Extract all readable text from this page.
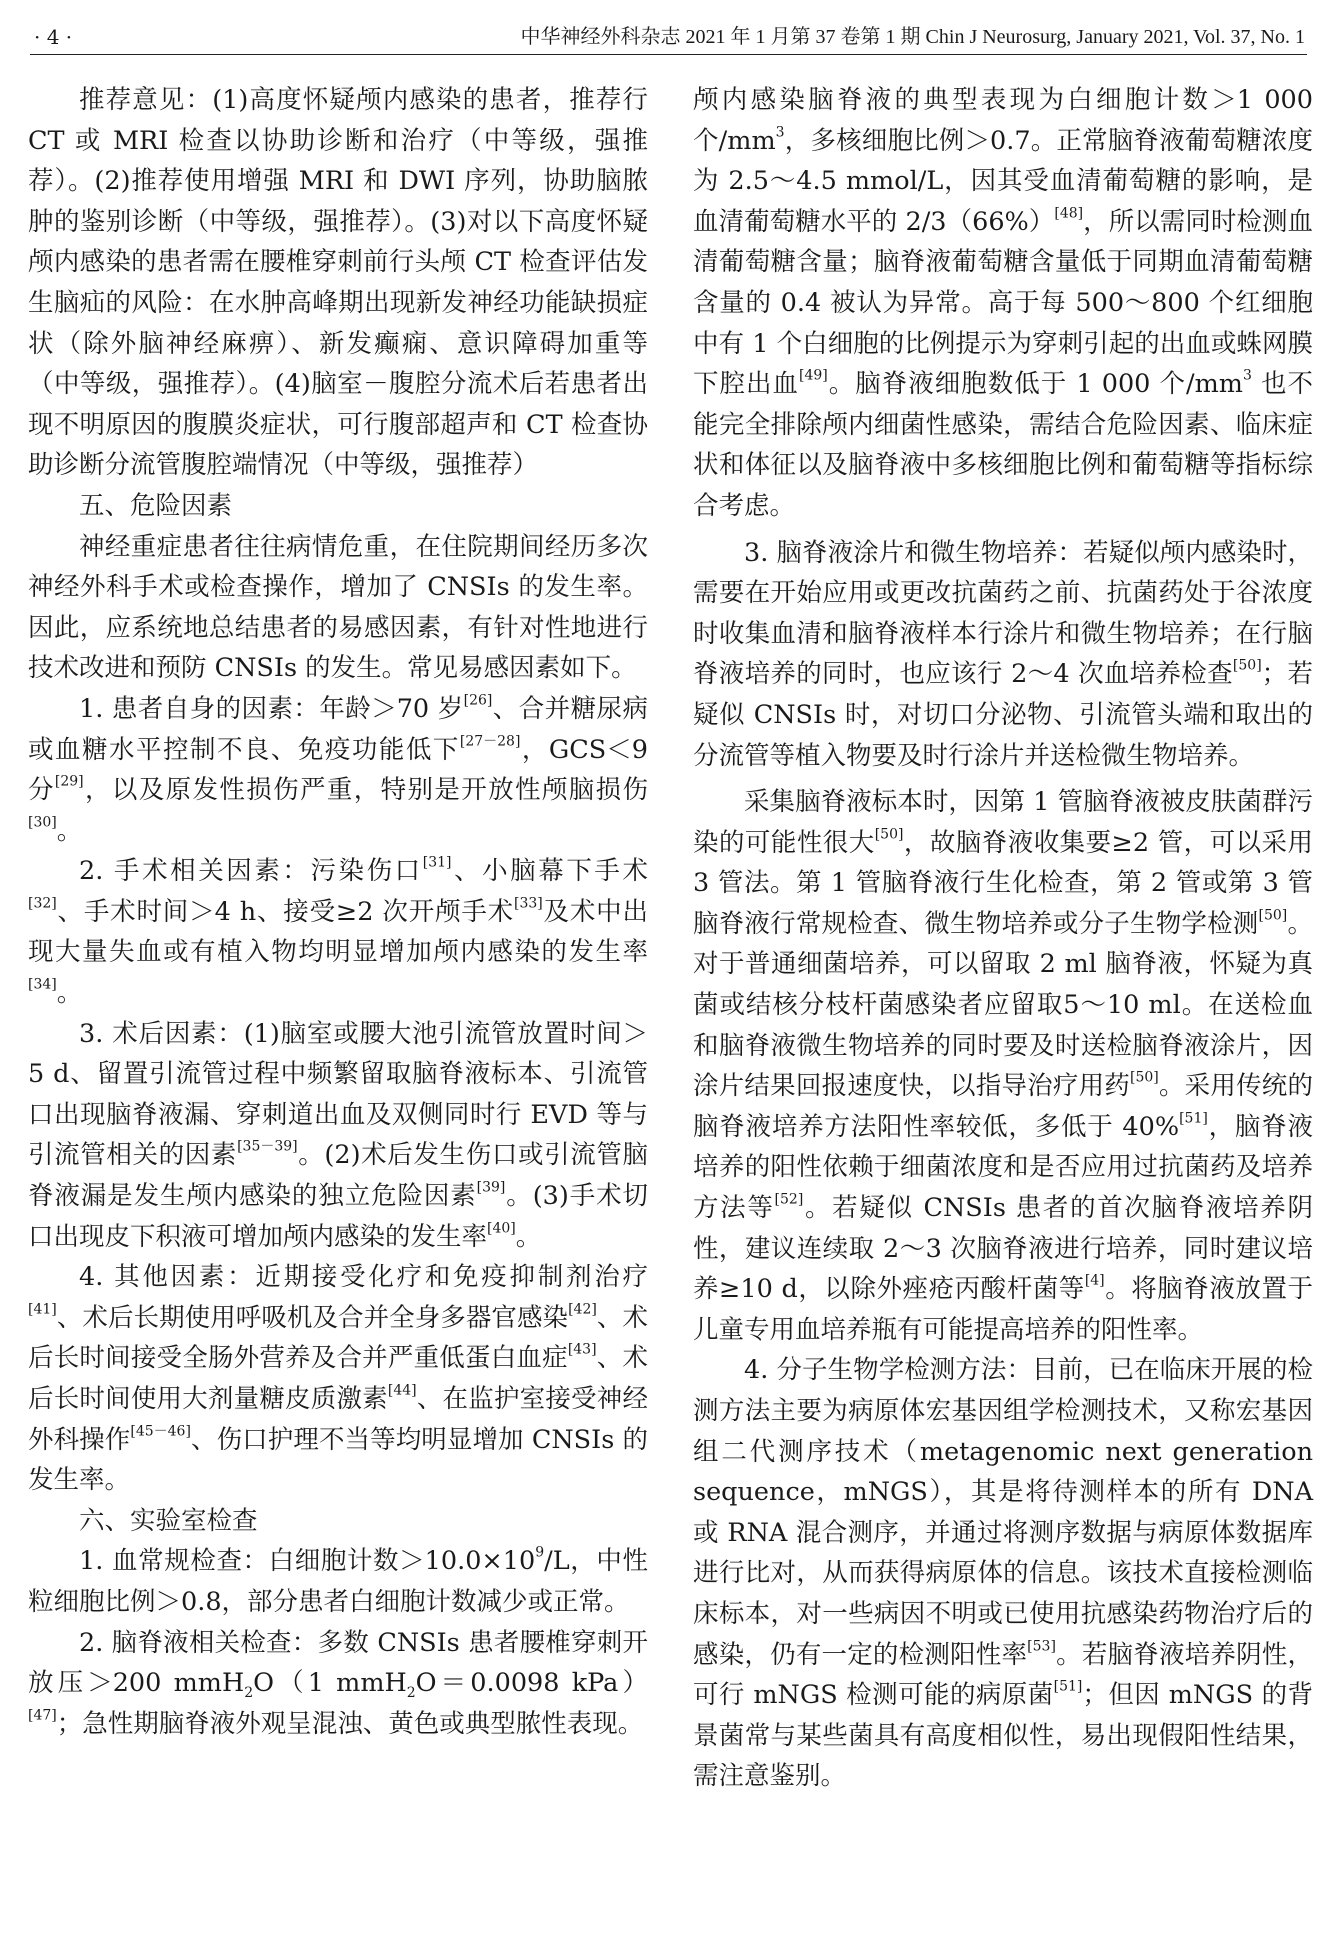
· 4 ·	中华神经外科杂志 2021 年 1 月第 37 卷第 1 期 Chin J Neurosurg, January 2021, Vol. 37, No. 1

推荐意见：(1)高度怀疑颅内感染的患者，推荐行 CT 或 MRI 检查以协助诊断和治疗（中等级，强推荐）。(2)推荐使用增强 MRI 和 DWI 序列，协助脑脓肿的鉴别诊断（中等级，强推荐）。(3)对以下高度怀疑颅内感染的患者需在腰椎穿刺前行头颅 CT 检查评估发生脑疝的风险：在水肿高峰期出现新发神经功能缺损症状（除外脑神经麻痹）、新发癫痫、意识障碍加重等（中等级，强推荐）。(4)脑室－腹腔分流术后若患者出现不明原因的腹膜炎症状，可行腹部超声和 CT 检查协助诊断分流管腹腔端情况（中等级，强推荐）

五、危险因素

神经重症患者往往病情危重，在住院期间经历多次神经外科手术或检查操作，增加了 CNSIs 的发生率。因此，应系统地总结患者的易感因素，有针对性地进行技术改进和预防 CNSIs 的发生。常见易感因素如下。

1. 患者自身的因素：年龄＞70 岁[26]、合并糖尿病或血糖水平控制不良、免疫功能低下[27－28]，GCS＜9 分[29]，以及原发性损伤严重，特别是开放性颅脑损伤[30]。

2. 手术相关因素：污染伤口[31]、小脑幕下手术[32]、手术时间＞4 h、接受≥2 次开颅手术[33]及术中出现大量失血或有植入物均明显增加颅内感染的发生率[34]。

3. 术后因素：(1)脑室或腰大池引流管放置时间＞5 d、留置引流管过程中频繁留取脑脊液标本、引流管口出现脑脊液漏、穿刺道出血及双侧同时行 EVD 等与引流管相关的因素[35－39]。(2)术后发生伤口或引流管脑脊液漏是发生颅内感染的独立危险因素[39]。(3)手术切口出现皮下积液可增加颅内感染的发生率[40]。

4. 其他因素：近期接受化疗和免疫抑制剂治疗[41]、术后长期使用呼吸机及合并全身多器官感染[42]、术后长时间接受全肠外营养及合并严重低蛋白血症[43]、术后长时间使用大剂量糖皮质激素[44]、在监护室接受神经外科操作[45－46]、伤口护理不当等均明显增加 CNSIs 的发生率。

六、实验室检查

1. 血常规检查：白细胞计数$>10.0\times 10^9/L$，中性粒细胞比例＞0.8，部分患者白细胞计数减少或正常。

2. 脑脊液相关检查：多数 CNSIs 患者腰椎穿刺开放压＞200 mmH$_2$O（1 mmH$_2$O＝0.0098 kPa）[47]；急性期脑脊液外观呈混浊、黄色或典型脓性表现。

颅内感染脑脊液的典型表现为白细胞计数＞1 000 个$/mm^3$，多核细胞比例＞0.7。正常脑脊液葡萄糖浓度为 2.5～4.5 mmol/L，因其受血清葡萄糖的影响，是血清葡萄糖水平的 2/3（66%）[48]，所以需同时检测血清葡萄糖含量；脑脊液葡萄糖含量低于同期血清葡萄糖含量的 0.4 被认为异常。高于每 500～800 个红细胞中有 1 个白细胞的比例提示为穿刺引起的出血或蛛网膜下腔出血[49]。脑脊液细胞数低于 1 000 个$/mm^3$ 也不能完全排除颅内细菌性感染，需结合危险因素、临床症状和体征以及脑脊液中多核细胞比例和葡萄糖等指标综合考虑。

3. 脑脊液涂片和微生物培养：若疑似颅内感染时，需要在开始应用或更改抗菌药之前、抗菌药处于谷浓度时收集血清和脑脊液样本行涂片和微生物培养；在行脑脊液培养的同时，也应该行 2～4 次血培养检查[50]；若疑似 CNSIs 时，对切口分泌物、引流管头端和取出的分流管等植入物要及时行涂片并送检微生物培养。

采集脑脊液标本时，因第 1 管脑脊液被皮肤菌群污染的可能性很大[50]，故脑脊液收集要≥2 管，可以采用 3 管法。第 1 管脑脊液行生化检查，第 2 管或第 3 管脑脊液行常规检查、微生物培养或分子生物学检测[50]。对于普通细菌培养，可以留取 2 ml 脑脊液，怀疑为真菌或结核分枝杆菌感染者应留取5～10 ml。在送检血和脑脊液微生物培养的同时要及时送检脑脊液涂片，因涂片结果回报速度快，以指导治疗用药[50]。采用传统的脑脊液培养方法阳性率较低，多低于 40%[51]，脑脊液培养的阳性依赖于细菌浓度和是否应用过抗菌药及培养方法等[52]。若疑似 CNSIs 患者的首次脑脊液培养阴性，建议连续取 2～3 次脑脊液进行培养，同时建议培养≥10 d，以除外痤疮丙酸杆菌等[4]。将脑脊液放置于儿童专用血培养瓶有可能提高培养的阳性率。

4. 分子生物学检测方法：目前，已在临床开展的检测方法主要为病原体宏基因组学检测技术，又称宏基因组二代测序技术（metagenomic next generation sequence，mNGS），其是将待测样本的所有 DNA 或 RNA 混合测序，并通过将测序数据与病原体数据库进行比对，从而获得病原体的信息。该技术直接检测临床标本，对一些病因不明或已使用抗感染药物治疗后的感染，仍有一定的检测阳性率[53]。若脑脊液培养阴性，可行 mNGS 检测可能的病原菌[51]；但因 mNGS 的背景菌常与某些菌具有高度相似性，易出现假阳性结果，需注意鉴别。
